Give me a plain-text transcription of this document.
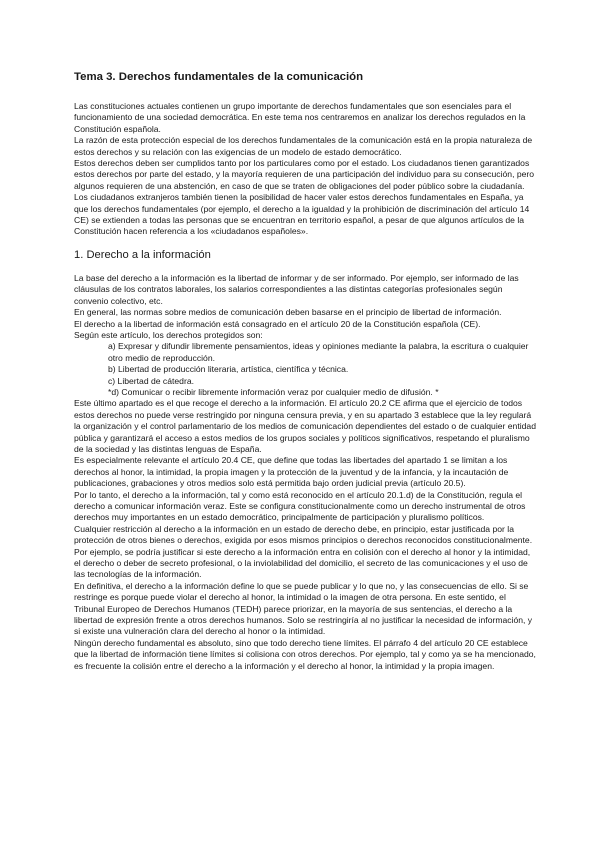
Tema 3. Derechos fundamentales de la comunicación

Las constituciones actuales contienen un grupo importante de derechos fundamentales que son esenciales para el funcionamiento de una sociedad democrática. En este tema nos centraremos en analizar los derechos regulados en la Constitución española.

La razón de esta protección especial de los derechos fundamentales de la comunicación está en la propia naturaleza de estos derechos y su relación con las exigencias de un modelo de estado democrático.

Estos derechos deben ser cumplidos tanto por los particulares como por el estado. Los ciudadanos tienen garantizados estos derechos por parte del estado, y la mayoría requieren de una participación del individuo para su consecución, pero algunos requieren de una abstención, en caso de que se traten de obligaciones del poder público sobre la ciudadanía.

Los ciudadanos extranjeros también tienen la posibilidad de hacer valer estos derechos fundamentales en España, ya que los derechos fundamentales (por ejemplo, el derecho a la igualdad y la prohibición de discriminación del artículo 14 CE) se extienden a todas las personas que se encuentran en territorio español, a pesar de que algunos artículos de la Constitución hacen referencia a los «ciudadanos españoles».

1. Derecho a la información

La base del derecho a la información es la libertad de informar y de ser informado. Por ejemplo, ser informado de las cláusulas de los contratos laborales, los salarios correspondientes a las distintas categorías profesionales según convenio colectivo, etc.

En general, las normas sobre medios de comunicación deben basarse en el principio de libertad de información.

El derecho a la libertad de información está consagrado en el artículo 20 de la Constitución española (CE).

Según este artículo, los derechos protegidos son:

a) Expresar y difundir libremente pensamientos, ideas y opiniones mediante la palabra, la escritura o cualquier otro medio de reproducción.
b) Libertad de producción literaria, artística, científica y técnica.
c) Libertad de cátedra.
*d) Comunicar o recibir libremente información veraz por cualquier medio de difusión. *

Este último apartado es el que recoge el derecho a la información. El artículo 20.2 CE afirma que el ejercicio de todos estos derechos no puede verse restringido por ninguna censura previa, y en su apartado 3 establece que la ley regulará la organización y el control parlamentario de los medios de comunicación dependientes del estado o de cualquier entidad pública y garantizará el acceso a estos medios de los grupos sociales y políticos significativos, respetando el pluralismo de la sociedad y las distintas lenguas de España.

Es especialmente relevante el artículo 20.4 CE, que define que todas las libertades del apartado 1 se limitan a los derechos al honor, la intimidad, la propia imagen y la protección de la juventud y de la infancia, y la incautación de publicaciones, grabaciones y otros medios solo está permitida bajo orden judicial previa (artículo 20.5).

Por lo tanto, el derecho a la información, tal y como está reconocido en el artículo 20.1.d) de la Constitución, regula el derecho a comunicar información veraz. Este se configura constitucionalmente como un derecho instrumental de otros derechos muy importantes en un estado democrático, principalmente de participación y pluralismo políticos.

Cualquier restricción al derecho a la información en un estado de derecho debe, en principio, estar justificada por la protección de otros bienes o derechos, exigida por esos mismos principios o derechos reconocidos constitucionalmente. Por ejemplo, se podría justificar si este derecho a la información entra en colisión con el derecho al honor y la intimidad, el derecho o deber de secreto profesional, o la inviolabilidad del domicilio, el secreto de las comunicaciones y el uso de las tecnologías de la información.

En definitiva, el derecho a la información define lo que se puede publicar y lo que no, y las consecuencias de ello. Si se restringe es porque puede violar el derecho al honor, la intimidad o la imagen de otra persona. En este sentido, el Tribunal Europeo de Derechos Humanos (TEDH) parece priorizar, en la mayoría de sus sentencias, el derecho a la libertad de expresión frente a otros derechos humanos. Solo se restringiría al no justificar la necesidad de información, y si existe una vulneración clara del derecho al honor o la intimidad.

Ningún derecho fundamental es absoluto, sino que todo derecho tiene límites. El párrafo 4 del artículo 20 CE establece que la libertad de información tiene límites si colisiona con otros derechos. Por ejemplo, tal y como ya se ha mencionado, es frecuente la colisión entre el derecho a la información y el derecho al honor, la intimidad y la propia imagen.
